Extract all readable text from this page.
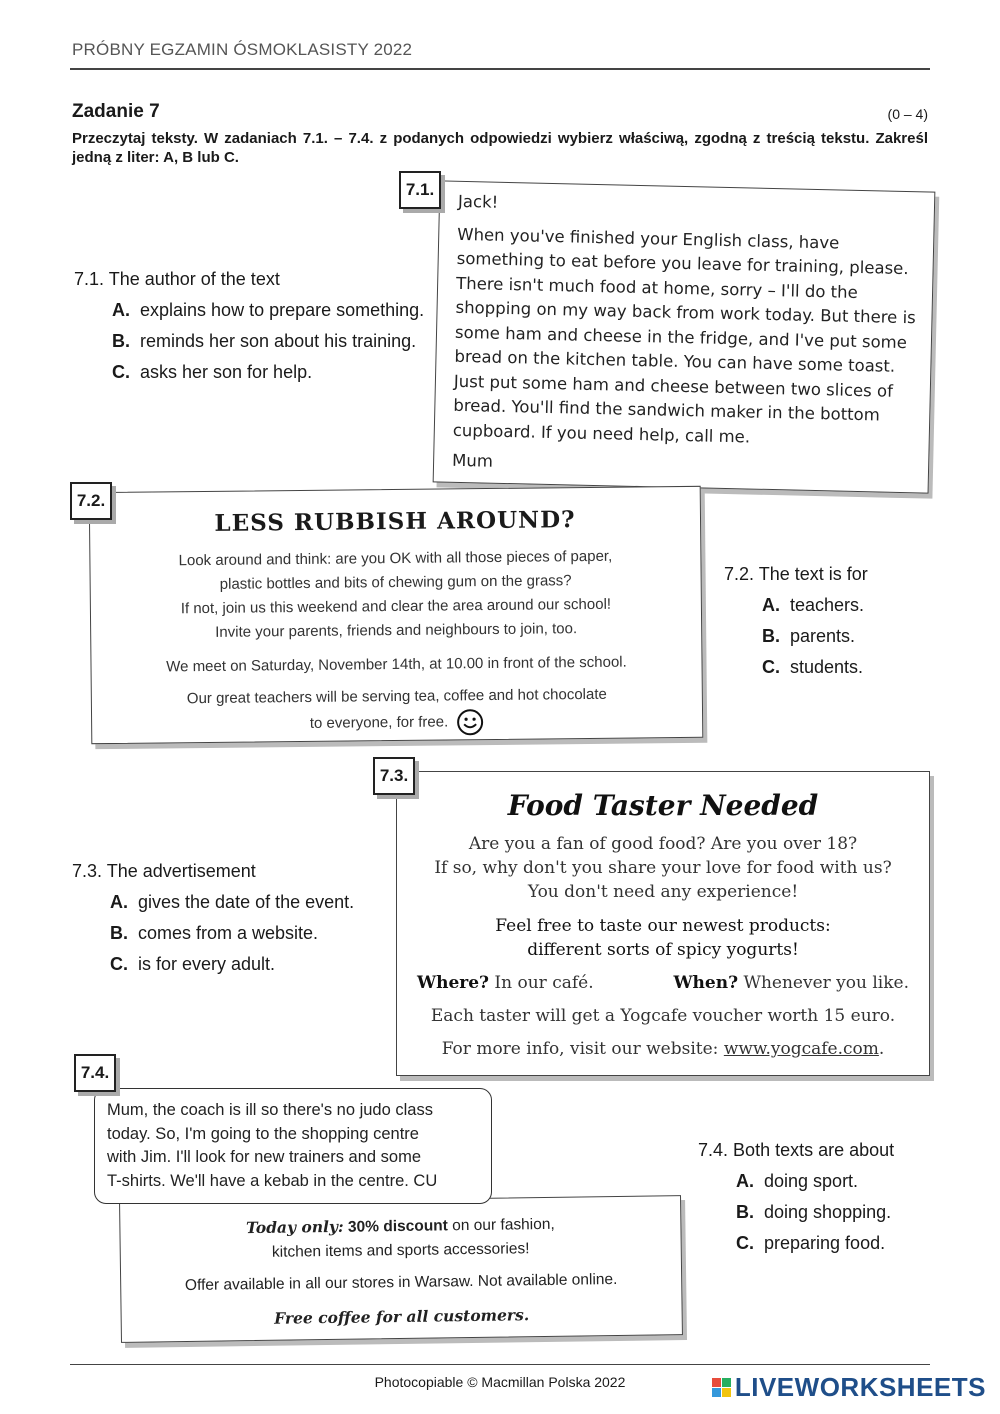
PRÓBNY EGZAMIN ÓSMOKLASISTY 2022
Zadanie 7	(0 – 4)
Przeczytaj teksty. W zadaniach 7.1. – 7.4. z podanych odpowiedzi wybierz właściwą, zgodną z treścią tekstu. Zakreśl jedną z liter: A, B lub C.
7.1.
Jack!
When you've finished your English class, have something to eat before you leave for training, please. There isn't much food at home, sorry – I'll do the shopping on my way back from work today. But there is some ham and cheese in the fridge, and I've put some bread on the kitchen table. You can have some toast. Just put some ham and cheese between two slices of bread. You'll find the sandwich maker in the bottom cupboard. If you need help, call me.
Mum
7.1. The author of the text
A. explains how to prepare something.
B. reminds her son about his training.
C. asks her son for help.
7.2.
LESS RUBBISH AROUND?
Look around and think: are you OK with all those pieces of paper,
plastic bottles and bits of chewing gum on the grass?
If not, join us this weekend and clear the area around our school!
Invite your parents, friends and neighbours to join, too.
We meet on Saturday, November 14th, at 10.00 in front of the school.
Our great teachers will be serving tea, coffee and hot chocolate
to everyone, for free.
7.2. The text is for
A. teachers.
B. parents.
C. students.
7.3.
Food Taster Needed
Are you a fan of good food? Are you over 18?
If so, why don't you share your love for food with us?
You don't need any experience!
Feel free to taste our newest products:
different sorts of spicy yogurts!
Where? In our café.	When? Whenever you like.
Each taster will get a Yogcafe voucher worth 15 euro.
For more info, visit our website: www.yogcafe.com.
7.3. The advertisement
A. gives the date of the event.
B. comes from a website.
C. is for every adult.
7.4.
Today only: 30% discount on our fashion,
kitchen items and sports accessories!
Offer available in all our stores in Warsaw. Not available online.
Free coffee for all customers.
Mum, the coach is ill so there's no judo class
today. So, I'm going to the shopping centre
with Jim. I'll look for new trainers and some
T-shirts. We'll have a kebab in the centre. CU
7.4. Both texts are about
A. doing sport.
B. doing shopping.
C. preparing food.
Photocopiable © Macmillan Polska 2022	LIVEWORKSHEETS
